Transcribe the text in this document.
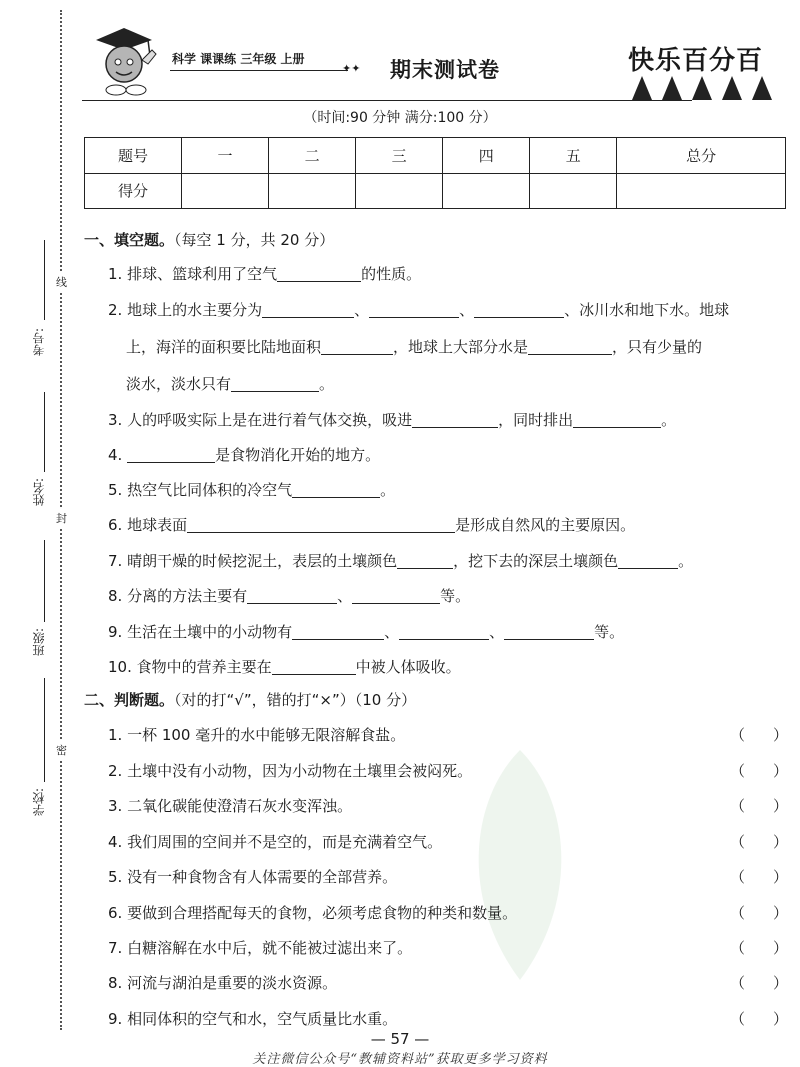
考号:
姓名:
班级:
学校:
线
封
密
科学 课课练 三年级 上册
✦✦ 期末测试卷	快乐百分百
（时间:90 分钟 满分:100 分）
题号	一	二	三	四	五	总分
得分						
一、填空题。（每空 1 分，共 20 分）
1. 排球、篮球利用了空气	的性质。
2. 地球上的水主要分为	、	、	、冰川水和地下水。地球
上，海洋的面积要比陆地面积	，地球上大部分水是	，只有少量的
淡水，淡水只有	。
3. 人的呼吸实际上是在进行着气体交换，吸进	，同时排出	。
4.	是食物消化开始的地方。
5. 热空气比同体积的冷空气	。
6. 地球表面	是形成自然风的主要原因。
7. 晴朗干燥的时候挖泥土，表层的土壤颜色	，挖下去的深层土壤颜色	。
8. 分离的方法主要有	、	等。
9. 生活在土壤中的小动物有	、	、	等。
10. 食物中的营养主要在	中被人体吸收。
二、判断题。（对的打“√”，错的打“×”）（10 分）
1. 一杯 100 毫升的水中能够无限溶解食盐。	（ ）
2. 土壤中没有小动物，因为小动物在土壤里会被闷死。	（ ）
3. 二氧化碳能使澄清石灰水变浑浊。	（ ）
4. 我们周围的空间并不是空的，而是充满着空气。	（ ）
5. 没有一种食物含有人体需要的全部营养。	（ ）
6. 要做到合理搭配每天的食物，必须考虑食物的种类和数量。	（ ）
7. 白糖溶解在水中后，就不能被过滤出来了。	（ ）
8. 河流与湖泊是重要的淡水资源。	（ ）
9. 相同体积的空气和水，空气质量比水重。	（ ）
— 57 —
关注微信公众号“教辅资料站”获取更多学习资料
